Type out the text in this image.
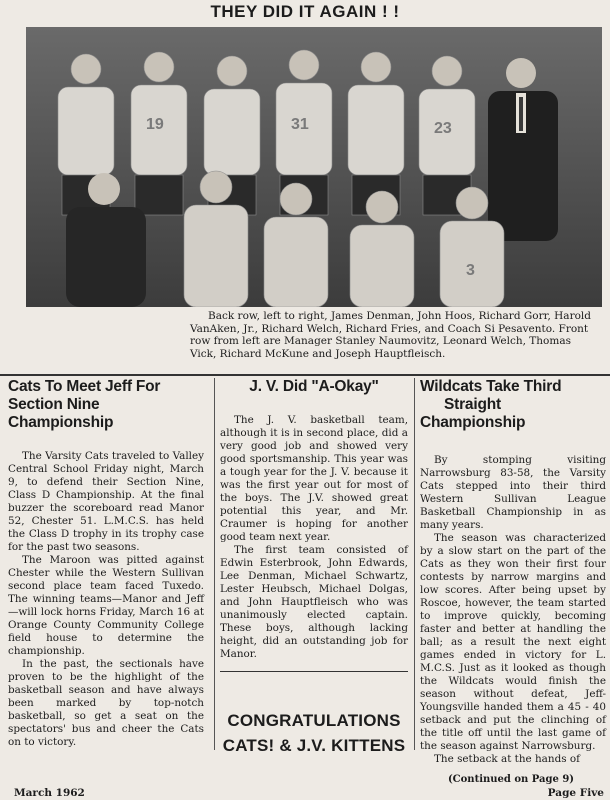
THEY DID IT AGAIN ! !
19	31	23
3

Back row, left to right, James Denman, John Hoos, Richard Gorr, Harold VanAken, Jr., Richard Welch, Richard Fries, and Coach Si Pesavento. Front row from left are Manager Stanley Naumovitz, Leonard Welch, Thomas Vick, Richard McKune and Joseph Hauptfleisch.

Cats To Meet Jeff For
Section Nine Championship

The Varsity Cats traveled to Valley Central School Friday night, March 9, to defend their Section Nine, Class D Championship. At the final buzzer the scoreboard read Manor 52, Chester 51. L.M.C.S. has held the Class D trophy in its trophy case for the past two seasons.

The Maroon was pitted against Chester while the Western Sullivan second place team faced Tuxedo. The winning teams—Manor and Jeff—will lock horns Friday, March 16 at Orange County Community College field house to determine the championship.

In the past, the sectionals have proven to be the highlight of the basketball season and have always been marked by top-notch basketball, so get a seat on the spectators' bus and cheer the Cats on to victory.

J. V. Did "A-Okay"

The J. V. basketball team, although it is in second place, did a very good job and showed very good sportsmanship. This year was a tough year for the J. V. because it was the first year out for most of the boys. The J.V. showed great potential this year, and Mr. Craumer is hoping for another good team next year.

The first team consisted of Edwin Esterbrook, John Edwards, Lee Denman, Michael Schwartz, Lester Heubsch, Michael Dolgas, and John Hauptfleisch who was unanimously elected captain. These boys, although lacking height, did an outstanding job for Manor.

CONGRATULATIONS
CATS! & J.V. KITTENS
Wildcats Take Third
Straight Championship

By stomping visiting Narrowsburg 83-58, the Varsity Cats stepped into their third Western Sullivan League Basketball Championship in as many years.

The season was characterized by a slow start on the part of the Cats as they won their first four contests by narrow margins and low scores. After being upset by Roscoe, however, the team started to improve quickly, becoming faster and better at handling the ball; as a result the next eight games ended in victory for L. M.C.S. Just as it looked as though the Wildcats would finish the season without defeat, Jeff-Youngsville handed them a 45 - 40 setback and put the clinching of the title off until the last game of the season against Narrowsburg.

The setback at the hands of

(Continued on Page 9)
March 1962	Page Five
